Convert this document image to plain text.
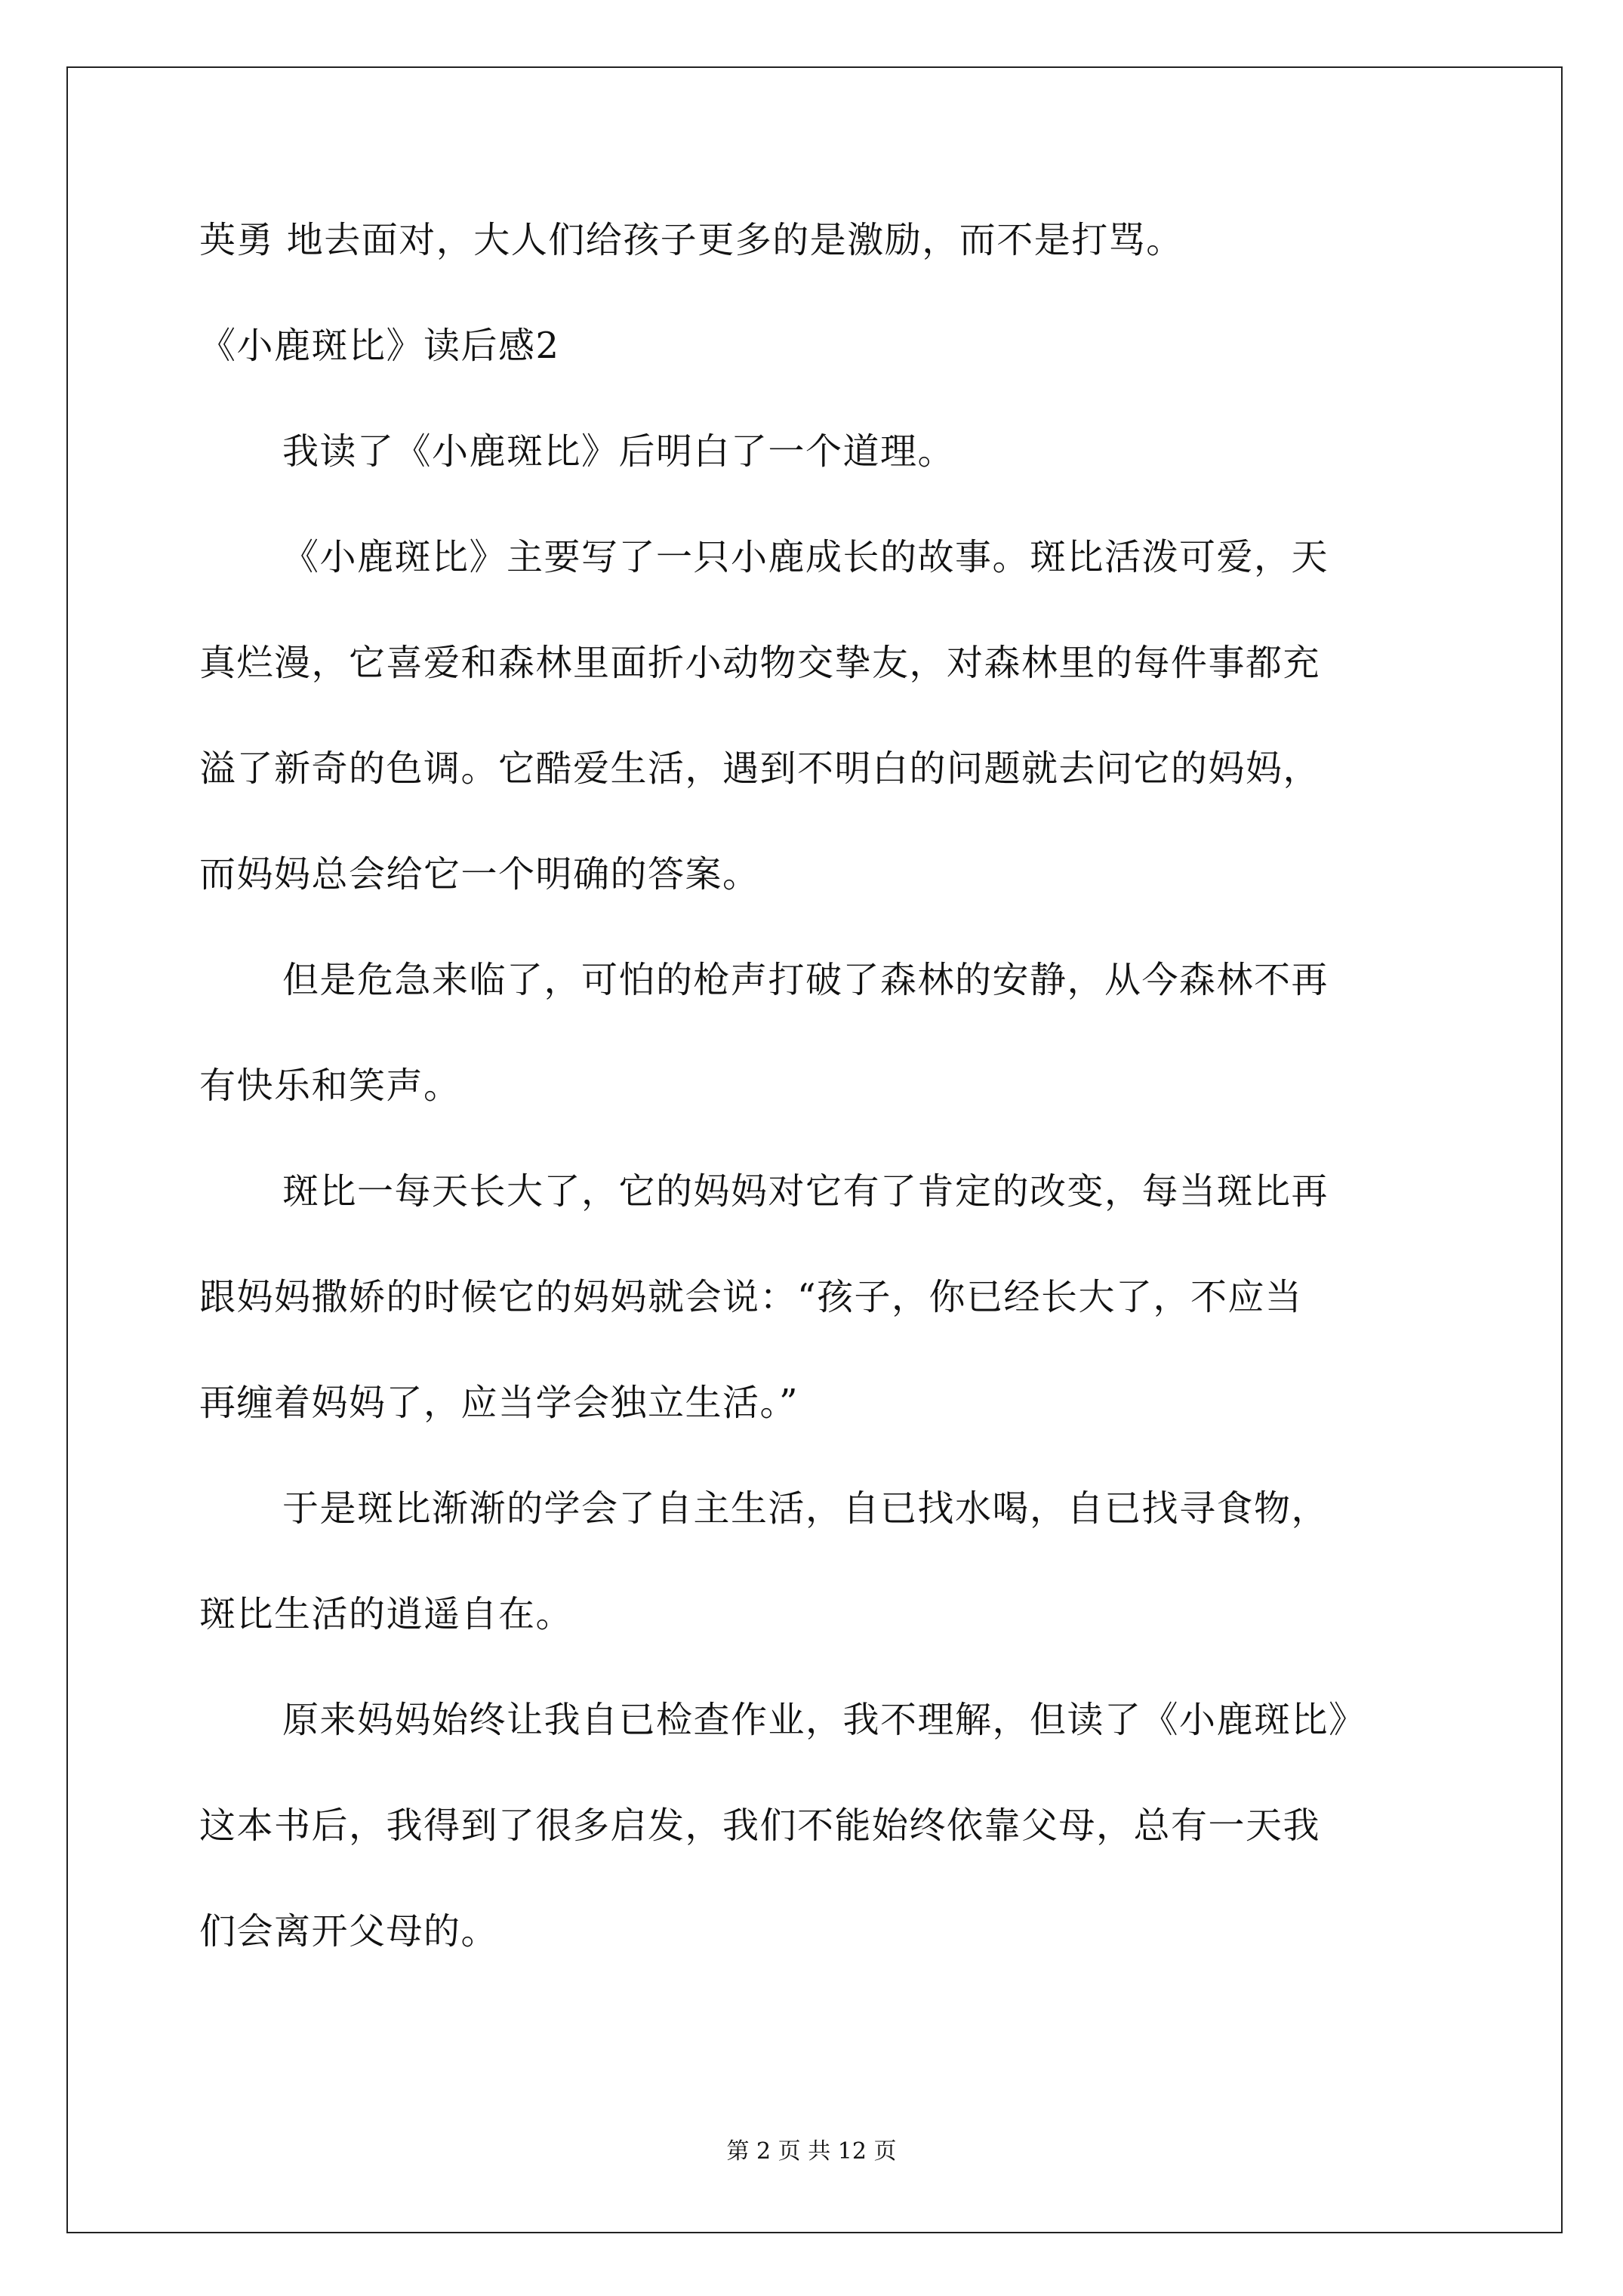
英勇 地去面对，大人们给孩子更多的是激励，而不是打骂。
《小鹿斑比》读后感2
我读了《小鹿斑比》后明白了一个道理。
《小鹿斑比》主要写了一只小鹿成长的故事。斑比活泼可爱，天
真烂漫，它喜爱和森林里面折小动物交挚友，对森林里的每件事都充
溢了新奇的色调。它酷爱生活，遇到不明白的问题就去问它的妈妈，
而妈妈总会给它一个明确的答案。
但是危急来临了，可怕的枪声打破了森林的安静，从今森林不再
有快乐和笑声。
斑比一每天长大了，它的妈妈对它有了肯定的改变，每当斑比再
跟妈妈撒娇的时候它的妈妈就会说：“孩子，你已经长大了，不应当
再缠着妈妈了，应当学会独立生活。”
于是斑比渐渐的学会了自主生活，自已找水喝，自已找寻食物，
斑比生活的逍遥自在。
原来妈妈始终让我自已检查作业，我不理解，但读了《小鹿斑比》
这本书后，我得到了很多启发，我们不能始终依靠父母，总有一天我
们会离开父母的。
第 2 页 共 12 页
